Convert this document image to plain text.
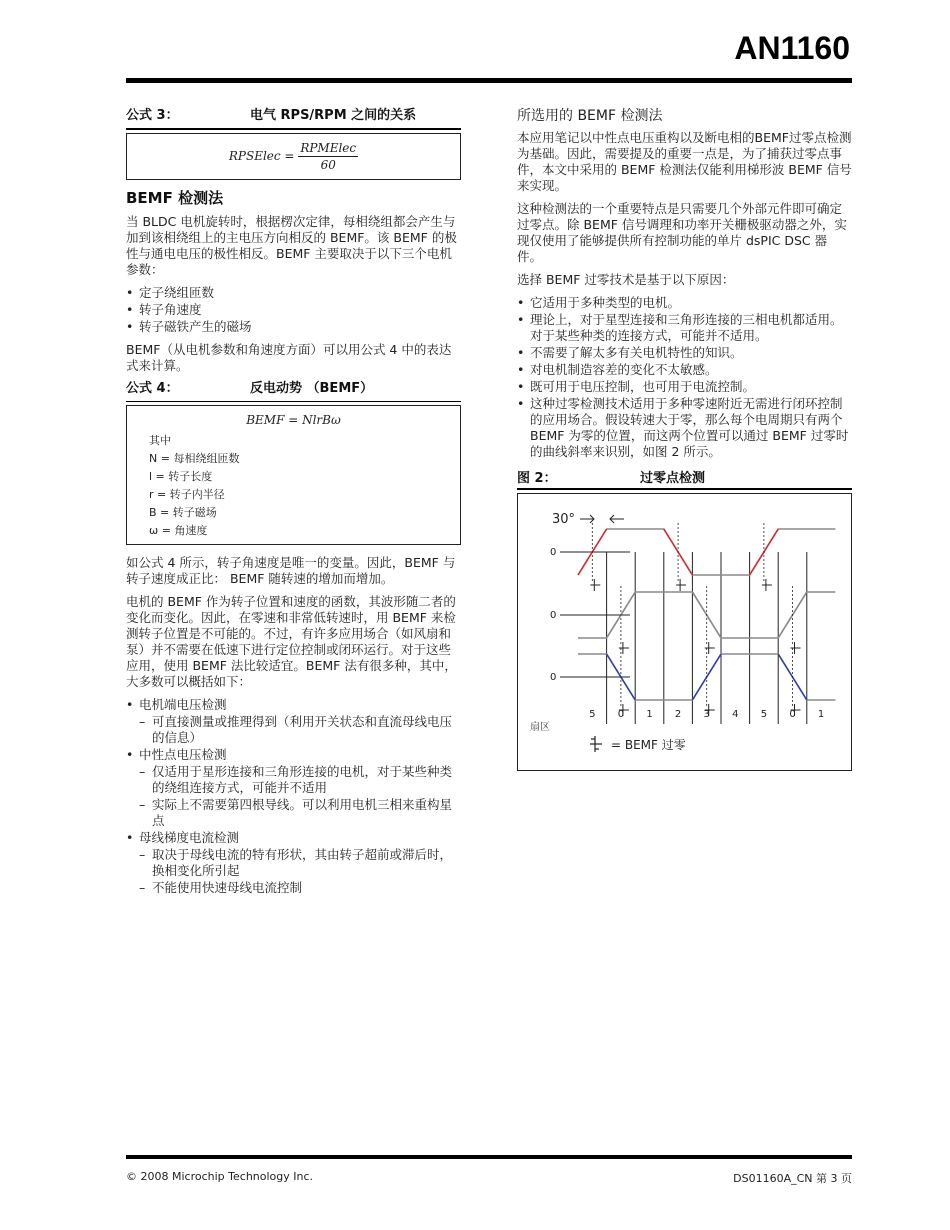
AN1160
公式 3：	电气 RPS/RPM 之间的关系
RPSElec = $\frac{\text{RPMElec}}{60}$
BEMF 检测法

当 BLDC 电机旋转时，根据楞次定律，每相绕组都会产生与加到该相绕组上的主电压方向相反的 BEMF。该 BEMF 的极性与通电电压的极性相反。BEMF 主要取决于以下三个电机参数：

• 定子绕组匝数
• 转子角速度
• 转子磁铁产生的磁场

BEMF（从电机参数和角速度方面）可以用公式 4 中的表达式来计算。

公式 4：	反电动势 （BEMF）
BEMF = NlrBω
其中
N = 每相绕组匝数
l = 转子长度
r = 转子内半径
B = 转子磁场
ω = 角速度

如公式 4 所示，转子角速度是唯一的变量。因此，BEMF 与转子速度成正比： BEMF 随转速的增加而增加。

电机的 BEMF 作为转子位置和速度的函数，其波形随二者的变化而变化。因此，在零速和非常低转速时，用 BEMF 来检测转子位置是不可能的。不过，有许多应用场合（如风扇和泵）并不需要在低速下进行定位控制或闭环运行。对于这些应用，使用 BEMF 法比较适宜。BEMF 法有很多种，其中，大多数可以概括如下：

• 电机端电压检测
– 可直接测量或推理得到（利用开关状态和直流母线电压的信息）
• 中性点电压检测
– 仅适用于星形连接和三角形连接的电机，对于某些种类的绕组连接方式，可能并不适用
– 实际上不需要第四根导线。可以利用电机三相来重构星点
• 母线梯度电流检测
– 取决于母线电流的特有形状，其由转子超前或滞后时，换相变化所引起
– 不能使用快速母线电流控制
所选用的 BEMF 检测法

本应用笔记以中性点电压重构以及断电相的BEMF过零点检测为基础。因此，需要提及的重要一点是，为了捕获过零点事件，本文中采用的 BEMF 检测法仅能利用梯形波 BEMF 信号来实现。

这种检测法的一个重要特点是只需要几个外部元件即可确定过零点。除 BEMF 信号调理和功率开关栅极驱动器之外，实现仅使用了能够提供所有控制功能的单片 dsPIC DSC 器件。

选择 BEMF 过零技术是基于以下原因：

• 它适用于多种类型的电机。
• 理论上，对于星型连接和三角形连接的三相电机都适用。对于某些种类的连接方式，可能并不适用。
• 不需要了解太多有关电机特性的知识。
• 对电机制造容差的变化不太敏感。
• 既可用于电压控制，也可用于电流控制。
• 这种过零检测技术适用于多种零速附近无需进行闭环控制的应用场合。假设转速大于零，那么每个电周期只有两个 BEMF 为零的位置，而这两个位置可以通过 BEMF 过零时的曲线斜率来识别，如图 2 所示。
图 2：	过零点检测
30°
0
0
0
5 0 1 2 3 4 5 0 1
扇区
= BEMF 过零
© 2008 Microchip Technology Inc.	DS01160A_CN 第 3 页
